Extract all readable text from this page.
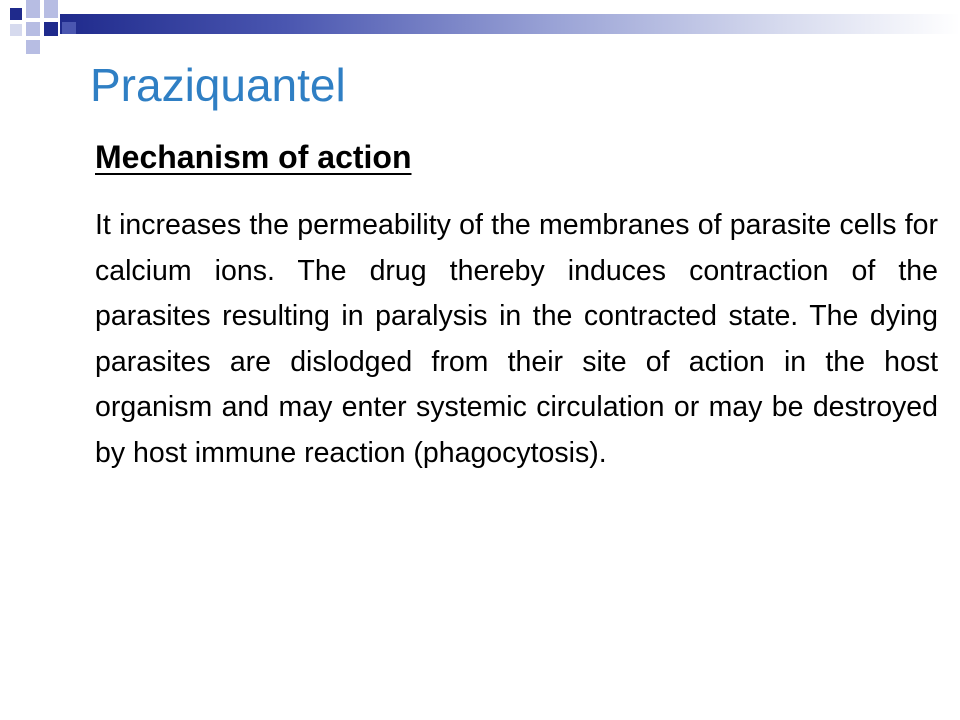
Praziquantel
Mechanism of action

It increases the permeability of the membranes of parasite cells for calcium ions. The drug thereby induces contraction of the parasites resulting in paralysis in the contracted state. The dying parasites are dislodged from their site of action in the host organism and may enter systemic circulation or may be destroyed by host immune reaction (phagocytosis).
